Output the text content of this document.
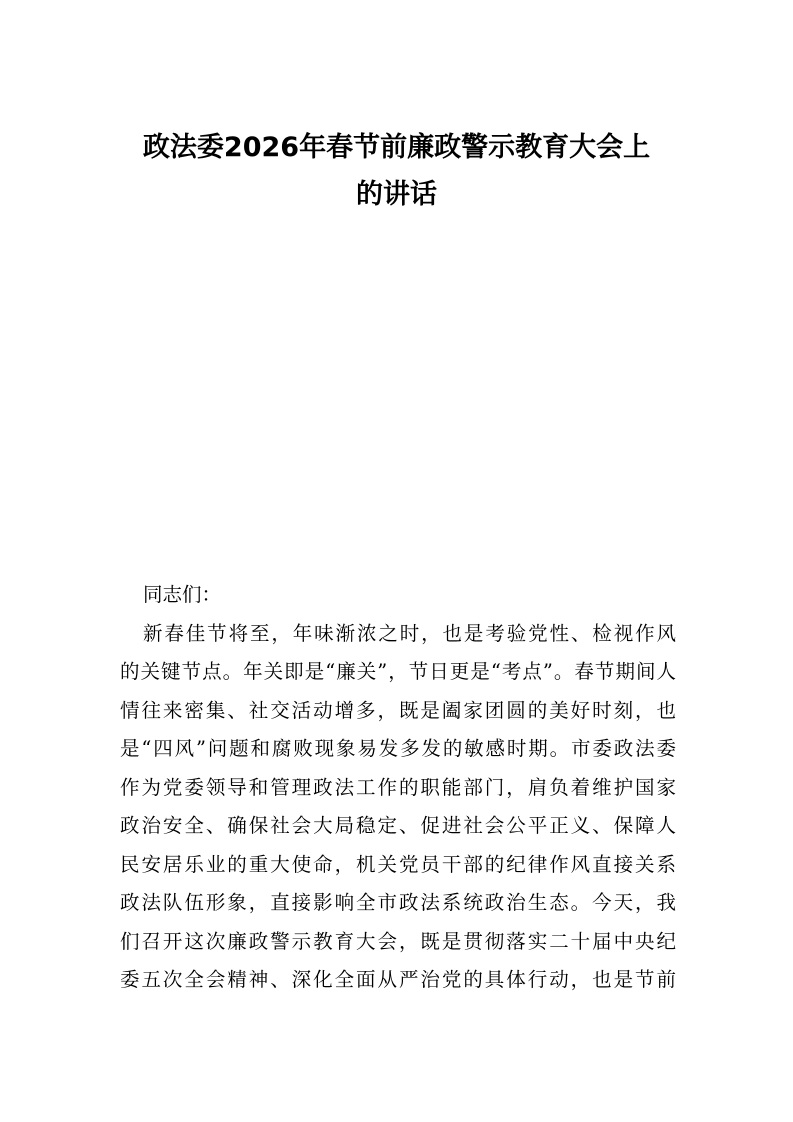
政法委2026年春节前廉政警示教育大会上
的讲话

同志们：

新春佳节将至，年味渐浓之时，也是考验党性、检视作风
的关键节点。年关即是“廉关”，节日更是“考点”。春节期间人
情往来密集、社交活动增多，既是阖家团圆的美好时刻，也
是“四风”问题和腐败现象易发多发的敏感时期。市委政法委
作为党委领导和管理政法工作的职能部门，肩负着维护国家
政治安全、确保社会大局稳定、促进社会公平正义、保障人
民安居乐业的重大使命，机关党员干部的纪律作风直接关系
政法队伍形象，直接影响全市政法系统政治生态。今天，我
们召开这次廉政警示教育大会，既是贯彻落实二十届中央纪
委五次全会精神、深化全面从严治党的具体行动，也是节前
